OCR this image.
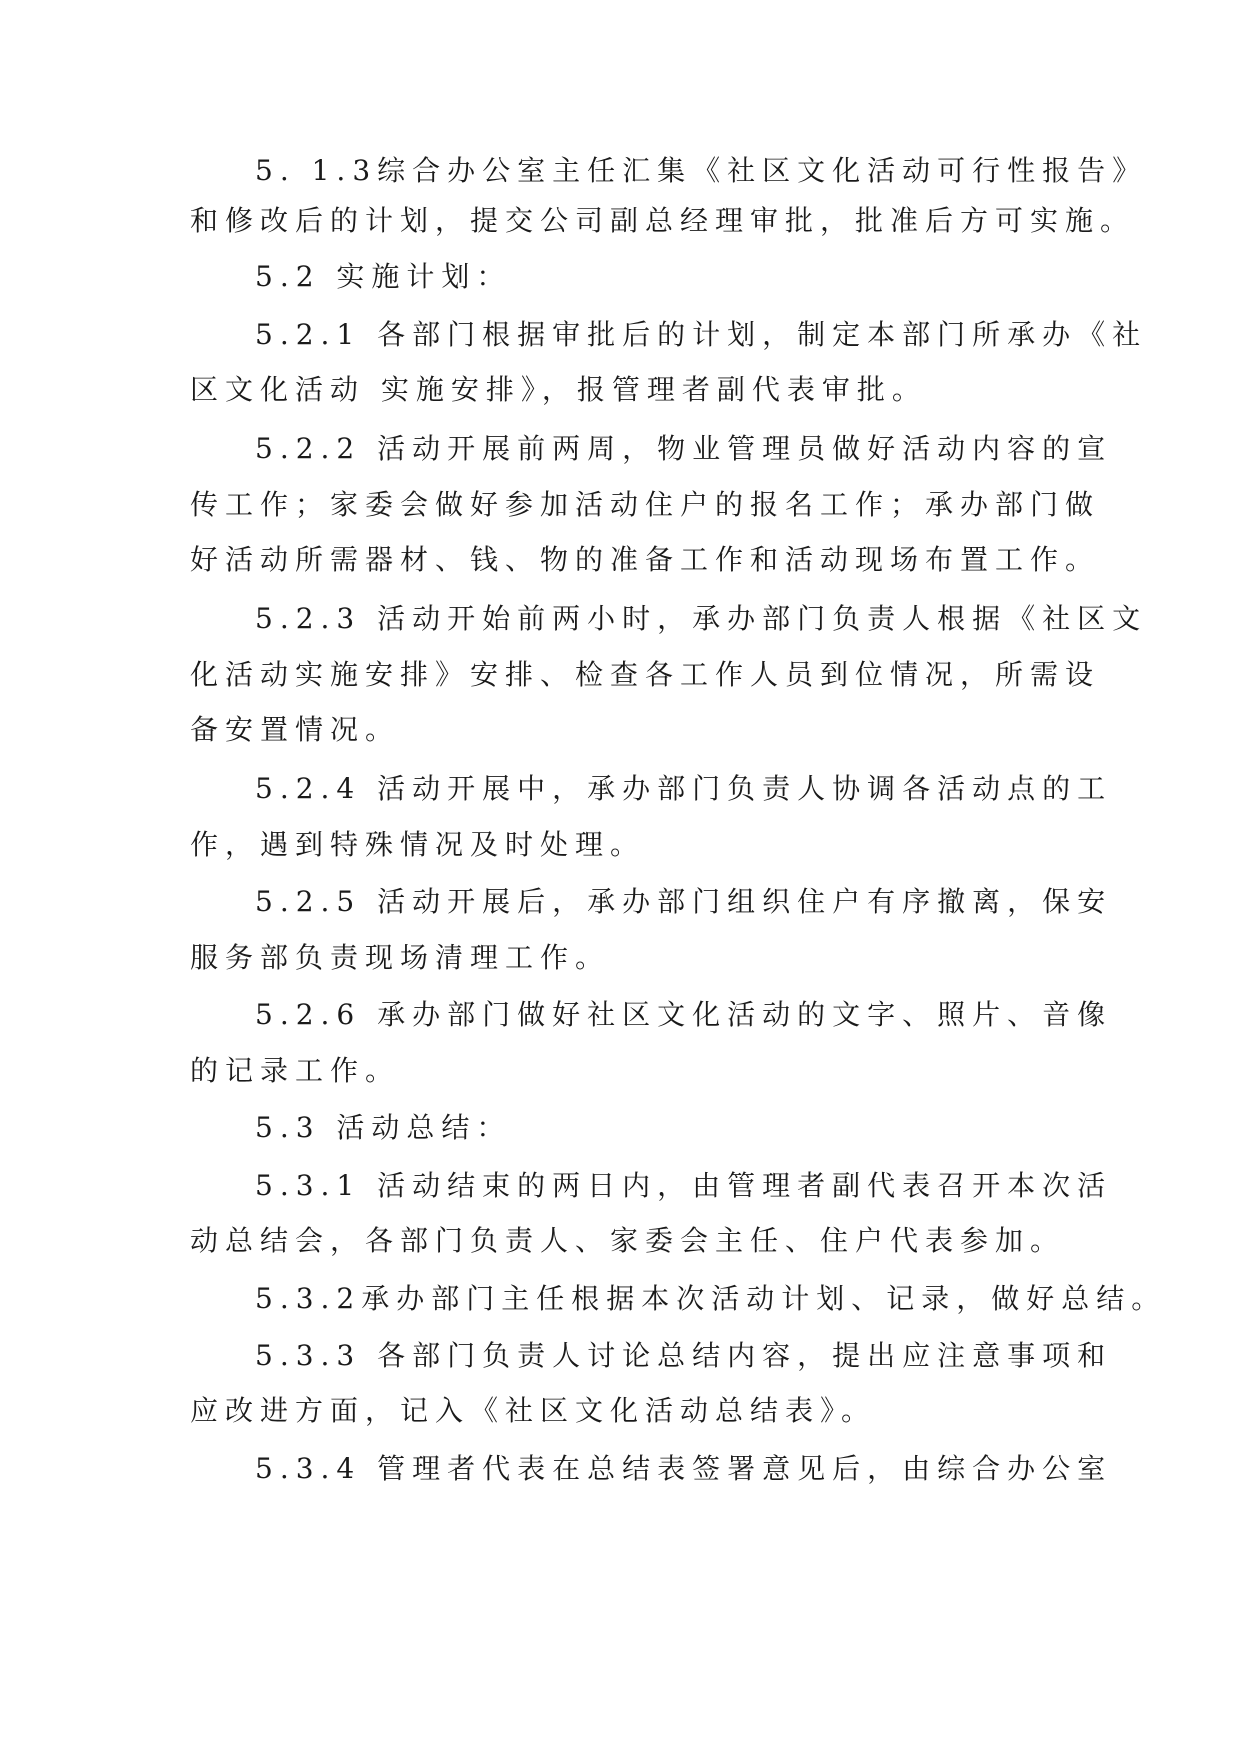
5. 1.3综合办公室主任汇集《社区文化活动可行性报告》
和修改后的计划，提交公司副总经理审批，批准后方可实施。
5.2 实施计划：
5.2.1 各部门根据审批后的计划，制定本部门所承办《社
区文化活动 实施安排》，报管理者副代表审批。
5.2.2 活动开展前两周，物业管理员做好活动内容的宣
传工作；家委会做好参加活动住户的报名工作；承办部门做
好活动所需器材、钱、物的准备工作和活动现场布置工作。
5.2.3 活动开始前两小时，承办部门负责人根据《社区文
化活动实施安排》安排、检查各工作人员到位情况，所需设
备安置情况。
5.2.4 活动开展中，承办部门负责人协调各活动点的工
作，遇到特殊情况及时处理。
5.2.5 活动开展后，承办部门组织住户有序撤离，保安
服务部负责现场清理工作。
5.2.6 承办部门做好社区文化活动的文字、照片、音像
的记录工作。
5.3 活动总结：
5.3.1 活动结束的两日内，由管理者副代表召开本次活
动总结会，各部门负责人、家委会主任、住户代表参加。
5.3.2承办部门主任根据本次活动计划、记录，做好总结。
5.3.3 各部门负责人讨论总结内容，提出应注意事项和
应改进方面，记入《社区文化活动总结表》。
5.3.4 管理者代表在总结表签署意见后，由综合办公室
